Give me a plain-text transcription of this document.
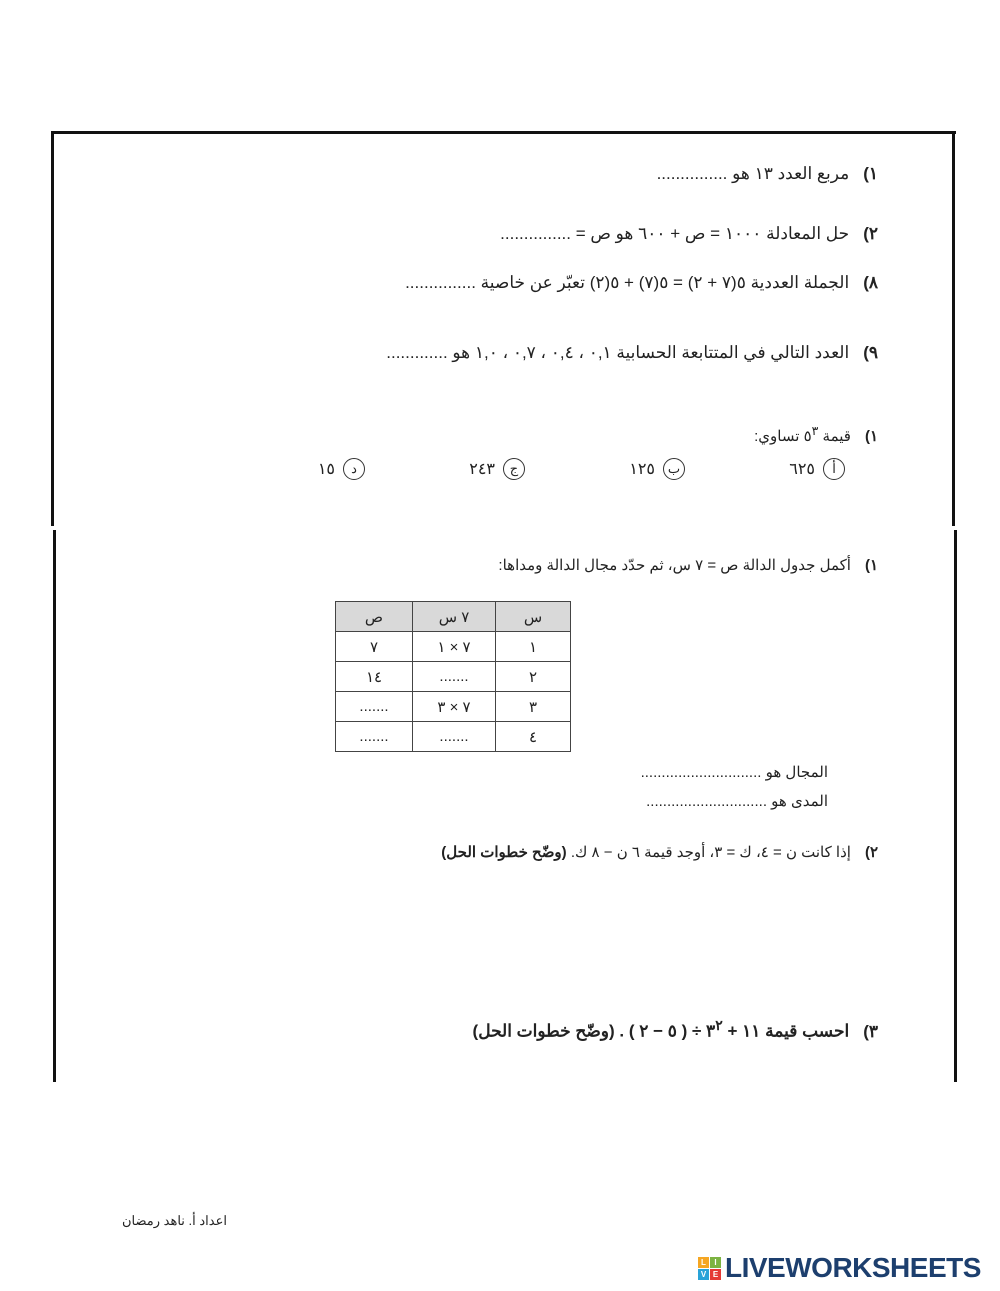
١)مربع العدد ١٣ هو ...............
٢)حل المعادلة ١٠٠٠ = ص + ٦٠٠ هو ص = ...............
٨)الجملة العددية ٥(٧ + ٢) = ٥(٧) + ٥(٢) تعبّر عن خاصية ...............
٩)العدد التالي في المتتابعة الحسابية ٠,١ ، ٠,٤ ، ٠,٧ ، ١,٠ هو .............
١)قيمة $٥^٣$ تساوي:
أ
٦٢٥
ب
١٢٥
ج
٢٤٣
د
١٥
١)أكمل جدول الدالة ص = ٧ س، ثم حدّد مجال الدالة ومداها:
س	٧ س	ص
١	٧ × ١	٧
٢	.......	١٤
٣	٧ × ٣	.......
٤	.......	.......
المجال هو .............................
المدى هو .............................
٢)إذا كانت ن = ٤، ك = ٣، أوجد قيمة ٦ ن − ٨ ك. (وضّح خطوات الحل)
٣)احسب قيمة ١١ + $٣^٢$ ÷ ( ٥ − ٢ ) . (وضّح خطوات الحل)
اعداد أ. ناهد رمضان
L	I
V E LIVEWORKSHEETS
